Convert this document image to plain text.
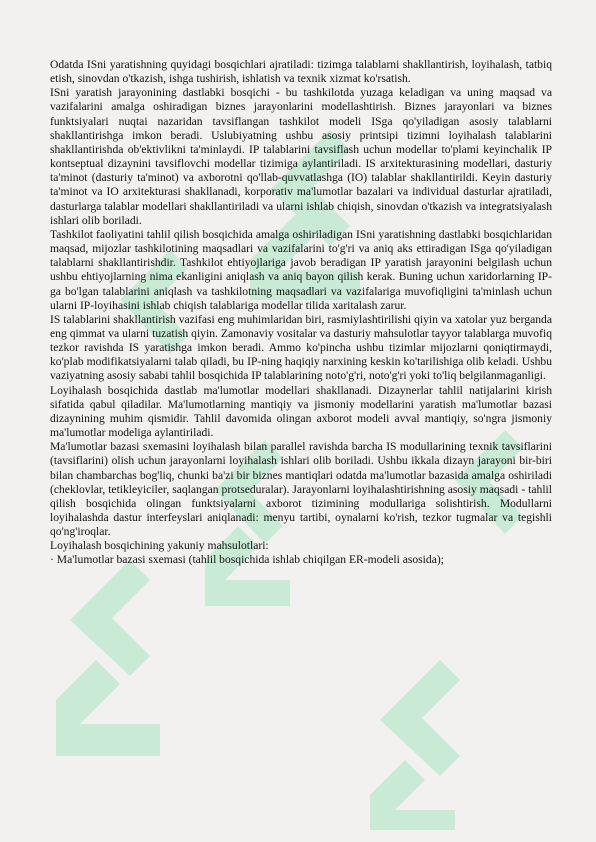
Odatda ISni yaratishning quyidagi bosqichlari ajratiladi: tizimga talablarni shakllantirish, loyihalash, tatbiq etish, sinovdan o'tkazish, ishga tushirish, ishlatish va texnik xizmat ko'rsatish.

ISni yaratish jarayonining dastlabki bosqichi - bu tashkilotda yuzaga keladigan va uning maqsad va vazifalarini amalga oshiradigan biznes jarayonlarini modellashtirish. Biznes jarayonlari va biznes funktsiyalari nuqtai nazaridan tavsiflangan tashkilot modeli ISga qo'yiladigan asosiy talablarni shakllantirishga imkon beradi. Uslubiyatning ushbu asosiy printsipi tizimni loyihalash talablarini shakllantirishda ob'ektivlikni ta'minlaydi. IP talablarini tavsiflash uchun modellar to'plami keyinchalik IP kontseptual dizaynini tavsiflovchi modellar tizimiga aylantiriladi. IS arxitekturasining modellari, dasturiy ta'minot (dasturiy ta'minot) va axborotni qo'llab-quvvatlashga (IO) talablar shakllantirildi. Keyin dasturiy ta'minot va IO arxitekturasi shakllanadi, korporativ ma'lumotlar bazalari va individual dasturlar ajratiladi, dasturlarga talablar modellari shakllantiriladi va ularni ishlab chiqish, sinovdan o'tkazish va integratsiyalash ishlari olib boriladi.

Tashkilot faoliyatini tahlil qilish bosqichida amalga oshiriladigan ISni yaratishning dastlabki bosqichlaridan maqsad, mijozlar tashkilotining maqsadlari va vazifalarini to'g'ri va aniq aks ettiradigan ISga qo'yiladigan talablarni shakllantirishdir. Tashkilot ehtiyojlariga javob beradigan IP yaratish jarayonini belgilash uchun ushbu ehtiyojlarning nima ekanligini aniqlash va aniq bayon qilish kerak. Buning uchun xaridorlarning IP-ga bo'lgan talablarini aniqlash va tashkilotning maqsadlari va vazifalariga muvofiqligini ta'minlash uchun ularni IP-loyihasini ishlab chiqish talablariga modellar tilida xaritalash zarur.

IS talablarini shakllantirish vazifasi eng muhimlaridan biri, rasmiylashtirilishi qiyin va xatolar yuz berganda eng qimmat va ularni tuzatish qiyin. Zamonaviy vositalar va dasturiy mahsulotlar tayyor talablarga muvofiq tezkor ravishda IS yaratishga imkon beradi. Ammo ko'pincha ushbu tizimlar mijozlarni qoniqtirmaydi, ko'plab modifikatsiyalarni talab qiladi, bu IP-ning haqiqiy narxining keskin ko'tarilishiga olib keladi. Ushbu vaziyatning asosiy sababi tahlil bosqichida IP talablarining noto'g'ri, noto'g'ri yoki to'liq belgilanmaganligi.

Loyihalash bosqichida dastlab ma'lumotlar modellari shakllanadi. Dizaynerlar tahlil natijalarini kirish sifatida qabul qiladilar. Ma'lumotlarning mantiqiy va jismoniy modellarini yaratish ma'lumotlar bazasi dizaynining muhim qismidir. Tahlil davomida olingan axborot modeli avval mantiqiy, so'ngra jismoniy ma'lumotlar modeliga aylantiriladi.

Ma'lumotlar bazasi sxemasini loyihalash bilan parallel ravishda barcha IS modullarining texnik tavsiflarini (tavsiflarini) olish uchun jarayonlarni loyihalash ishlari olib boriladi. Ushbu ikkala dizayn jarayoni bir-biri bilan chambarchas bog'liq, chunki ba'zi bir biznes mantiqlari odatda ma'lumotlar bazasida amalga oshiriladi (cheklovlar, tetikleyiciler, saqlangan protseduralar). Jarayonlarni loyihalashtirishning asosiy maqsadi - tahlil qilish bosqichida olingan funktsiyalarni axborot tizimining modullariga solishtirish. Modullarni loyihalashda dastur interfeyslari aniqlanadi: menyu tartibi, oynalarni ko'rish, tezkor tugmalar va tegishli qo'ng'iroqlar.

Loyihalash bosqichining yakuniy mahsulotlari:

· Ma'lumotlar bazasi sxemasi (tahlil bosqichida ishlab chiqilgan ER-modeli asosida);
